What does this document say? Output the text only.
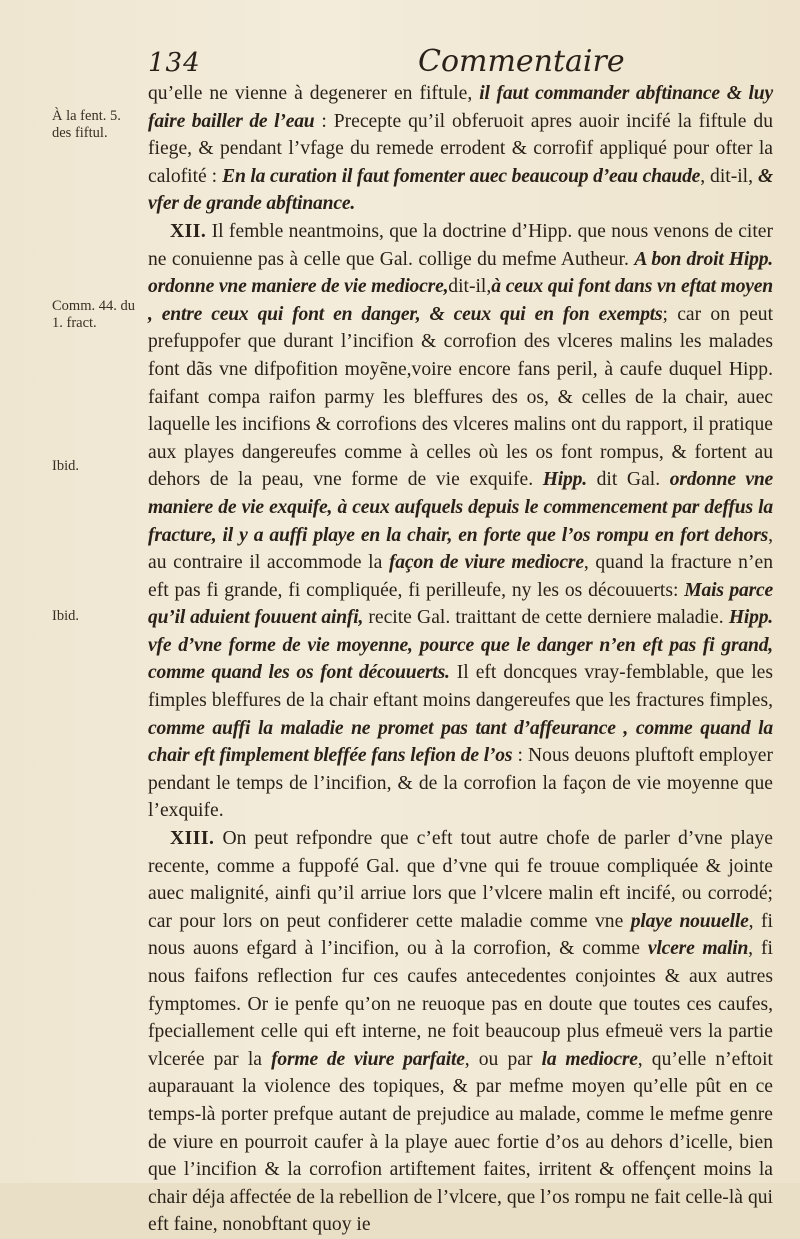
134	Commentaire
À la fent. 5. des fiftul.
Comm. 44. du 1. fract.
Ibid.
Ibid.

qu’elle ne vienne à degenerer en fiftule, il faut commander abftinance & luy faire bailler de l’eau : Precepte qu’il obferuoit apres auoir incifé la fiftule du fiege, & pendant l’vfage du remede errodent & corrofif appliqué pour ofter la calofité : En la curation il faut fomenter auec beaucoup d’eau chaude, dit-il, & vfer de grande abftinance.

XII. Il femble neantmoins, que la doctrine d’Hipp. que nous venons de citer ne conuienne pas à celle que Gal. collige du mefme Autheur. A bon droit Hipp. ordonne vne maniere de vie mediocre,dit-il,à ceux qui font dans vn eftat moyen , entre ceux qui font en danger, & ceux qui en fon exempts; car on peut prefuppofer que durant l’incifion & corrofion des vlceres malins les malades font dãs vne difpofition moyẽne,voire encore fans peril, à caufe duquel Hipp. faifant compa raifon parmy les bleffures des os, & celles de la chair, auec laquelle les incifions & corrofions des vlceres malins ont du rapport, il pratique aux playes dangereufes comme à celles où les os font rompus, & fortent au dehors de la peau, vne forme de vie exquife. Hipp. dit Gal. ordonne vne maniere de vie exquife, à ceux aufquels depuis le commencement par deffus la fracture, il y a auffi playe en la chair, en forte que l’os rompu en fort dehors, au contraire il accommode la façon de viure mediocre, quand la fracture n’en eft pas fi grande, fi compliquée, fi perilleufe, ny les os découuerts: Mais parce qu’il aduient fouuent ainfi, recite Gal. traittant de cette derniere maladie. Hipp. vfe d’vne forme de vie moyenne, pource que le danger n’en eft pas fi grand, comme quand les os font découuerts. Il eft doncques vray-femblable, que les fimples bleffures de la chair eftant moins dangereufes que les fractures fimples, comme auffi la maladie ne promet pas tant d’affeurance , comme quand la chair eft fimplement bleffée fans lefion de l’os : Nous deuons pluftoft employer pendant le temps de l’incifion, & de la corrofion la façon de vie moyenne que l’exquife.

XIII. On peut refpondre que c’eft tout autre chofe de parler d’vne playe recente, comme a fuppofé Gal. que d’vne qui fe trouue compliquée & jointe auec malignité, ainfi qu’il arriue lors que l’vlcere malin eft incifé, ou corrodé; car pour lors on peut confiderer cette maladie comme vne playe nouuelle, fi nous auons efgard à l’incifion, ou à la corrofion, & comme vlcere malin, fi nous faifons reflection fur ces caufes antecedentes conjointes & aux autres fymptomes. Or ie penfe qu’on ne reuoque pas en doute que toutes ces caufes, fpeciallement celle qui eft interne, ne foit beaucoup plus efmeuë vers la partie vlcerée par la forme de viure parfaite, ou par la mediocre, qu’elle n’eftoit auparauant la violence des topiques, & par mefme moyen qu’elle pût en ce temps-là porter prefque autant de prejudice au malade, comme le mefme genre de viure en pourroit caufer à la playe auec fortie d’os au dehors d’icelle, bien que l’incifion & la corrofion artiftement faites, irritent & offençent moins la chair déja affectée de la rebellion de l’vlcere, que l’os rompu ne fait celle-là qui eft faine, nonobftant quoy ie
